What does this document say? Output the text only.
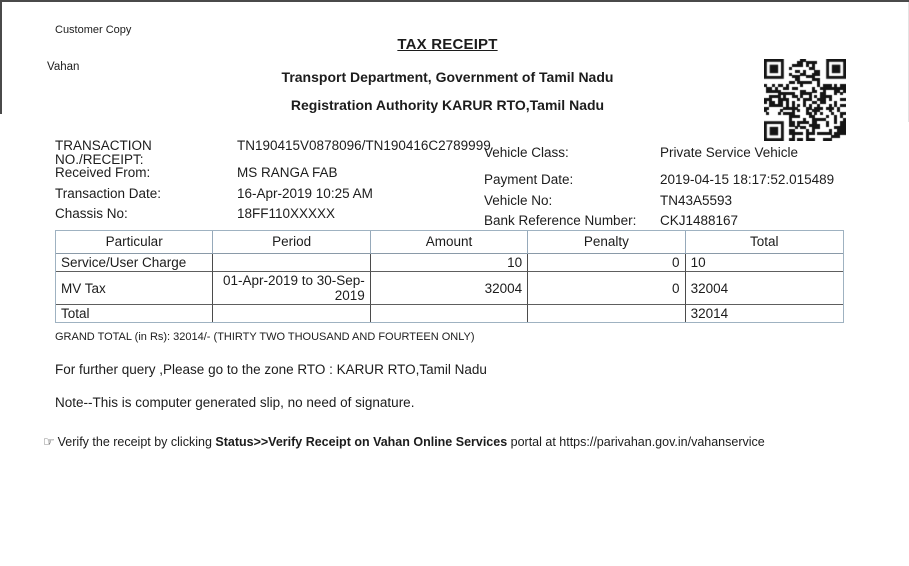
Customer Copy
Vahan
TAX RECEIPT
Transport Department, Government of Tamil Nadu
Registration Authority KARUR RTO,Tamil Nadu
TRANSACTION NO./RECEIPT:
TN190415V0878096/TN190416C2789999
Vehicle Class:	Private Service Vehicle
Received From:	MS RANGA FAB	Payment Date:	2019-04-15 18:17:52.015489
Transaction Date:	16-Apr-2019 10:25 AM	Vehicle No:	TN43A5593
Chassis No:	18FF110XXXXX	Bank Reference Number:	CKJ1488167
Particular	Period	Amount	Penalty	Total
Service/User Charge		10	0	10
MV Tax	01-Apr-2019 to 30-Sep-2019	32004	0	32004
Total				32014
GRAND TOTAL (in Rs): 32014/- (THIRTY TWO THOUSAND AND FOURTEEN ONLY)
For further query ,Please go to the zone RTO : KARUR RTO,Tamil Nadu
Note--This is computer generated slip, no need of signature.
☞ Verify the receipt by clicking Status>>Verify Receipt on Vahan Online Services portal at https://parivahan.gov.in/vahanservice
